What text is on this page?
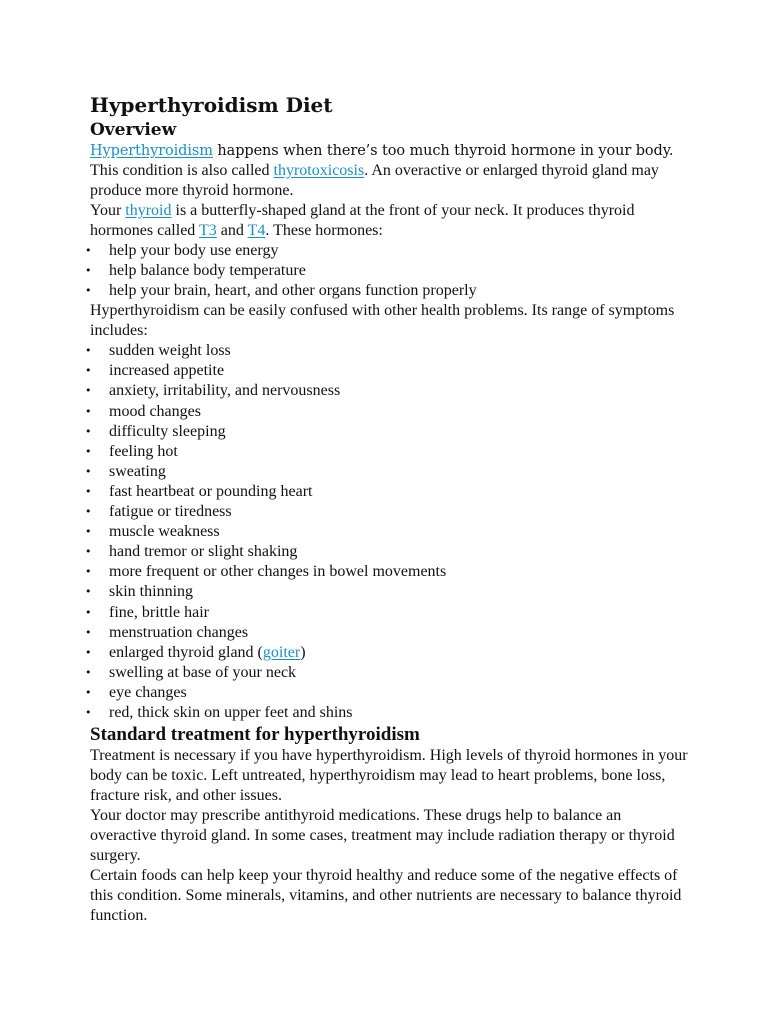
Hyperthyroidism Diet
Overview

Hyperthyroidism happens when there’s too much thyroid hormone in your body. This condition is also called thyrotoxicosis. An overactive or enlarged thyroid gland may produce more thyroid hormone.

Your thyroid is a butterfly-shaped gland at the front of your neck. It produces thyroid hormones called T3 and T4. These hormones:

• help your body use energy
• help balance body temperature
• help your brain, heart, and other organs function properly

Hyperthyroidism can be easily confused with other health problems. Its range of symptoms includes:

• sudden weight loss
• increased appetite
• anxiety, irritability, and nervousness
• mood changes
• difficulty sleeping
• feeling hot
• sweating
• fast heartbeat or pounding heart
• fatigue or tiredness
• muscle weakness
• hand tremor or slight shaking
• more frequent or other changes in bowel movements
• skin thinning
• fine, brittle hair
• menstruation changes
• enlarged thyroid gland (goiter)
• swelling at base of your neck
• eye changes
• red, thick skin on upper feet and shins
Standard treatment for hyperthyroidism

Treatment is necessary if you have hyperthyroidism. High levels of thyroid hormones in your body can be toxic. Left untreated, hyperthyroidism may lead to heart problems, bone loss, fracture risk, and other issues.

Your doctor may prescribe antithyroid medications. These drugs help to balance an overactive thyroid gland. In some cases, treatment may include radiation therapy or thyroid surgery.

Certain foods can help keep your thyroid healthy and reduce some of the negative effects of this condition. Some minerals, vitamins, and other nutrients are necessary to balance thyroid function.
